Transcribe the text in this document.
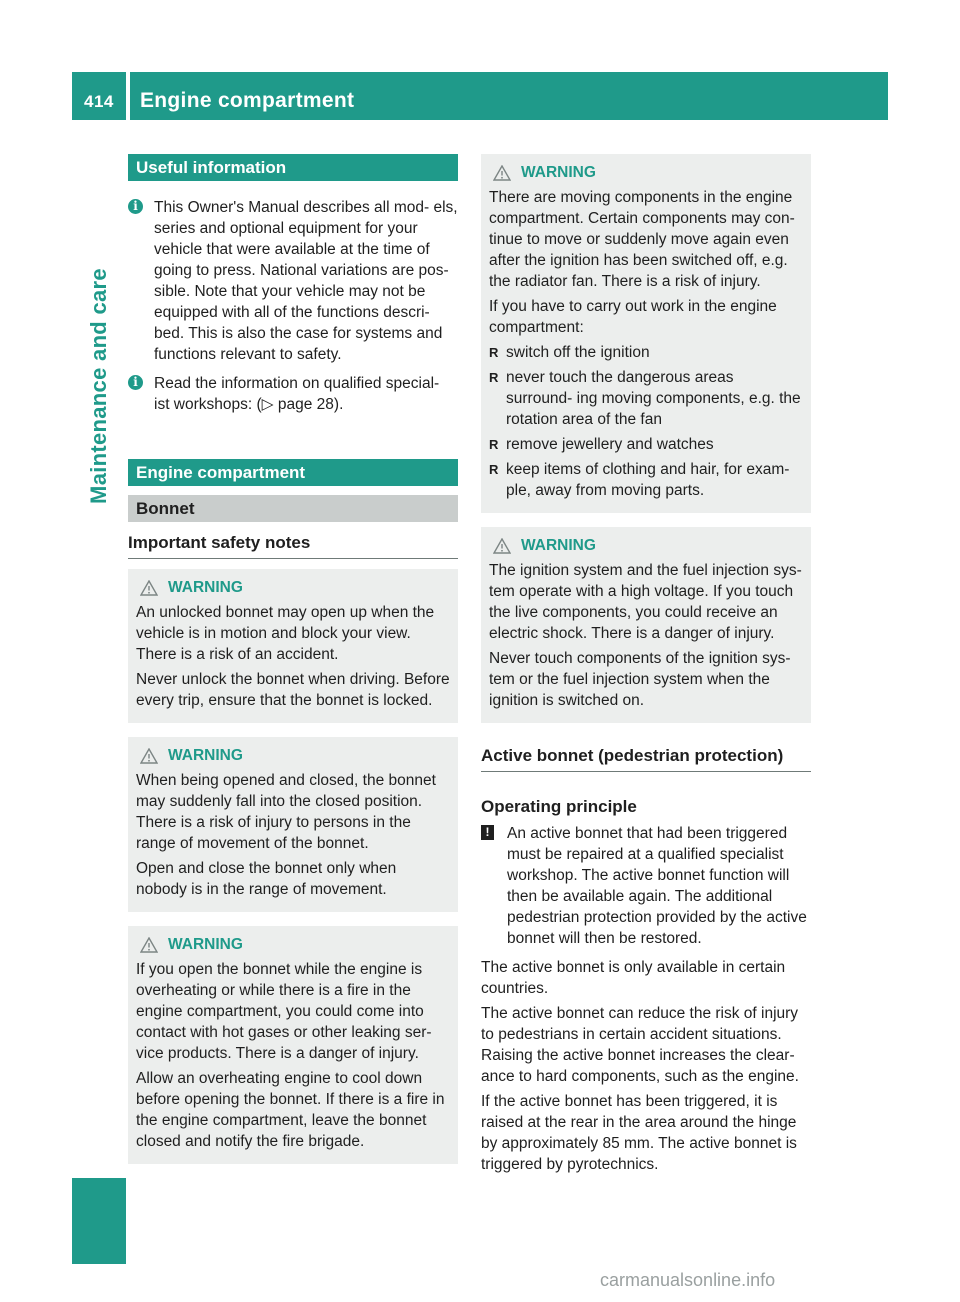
414 Engine compartment
Maintenance and care
Useful information
i	This Owner's Manual describes all mod- els, series and optional equipment for your vehicle that were available at the time of going to press. National variations are pos- sible. Note that your vehicle may not be equipped with all of the functions descri- bed. This is also the case for systems and functions relevant to safety.

i	Read the information on qualified special- ist workshops: (▷ page 28).

Engine compartment
Bonnet
Important safety notes
WARNING

An unlocked bonnet may open up when the vehicle is in motion and block your view. There is a risk of an accident.

Never unlock the bonnet when driving. Before every trip, ensure that the bonnet is locked.

WARNING

When being opened and closed, the bonnet may suddenly fall into the closed position. There is a risk of injury to persons in the range of movement of the bonnet.

Open and close the bonnet only when nobody is in the range of movement.

WARNING

If you open the bonnet while the engine is overheating or while there is a fire in the engine compartment, you could come into contact with hot gases or other leaking ser- vice products. There is a danger of injury.

Allow an overheating engine to cool down before opening the bonnet. If there is a fire in the engine compartment, leave the bonnet closed and notify the fire brigade.

WARNING

There are moving components in the engine compartment. Certain components may con- tinue to move or suddenly move again even after the ignition has been switched off, e.g. the radiator fan. There is a risk of injury.

If you have to carry out work in the engine compartment:

R switch off the ignition
R never touch the dangerous areas surround- ing moving components, e.g. the rotation area of the fan
R remove jewellery and watches
R keep items of clothing and hair, for exam- ple, away from moving parts.
WARNING

The ignition system and the fuel injection sys- tem operate with a high voltage. If you touch the live components, you could receive an electric shock. There is a danger of injury.

Never touch components of the ignition sys- tem or the fuel injection system when the ignition is switched on.

Active bonnet (pedestrian protection)
Operating principle
! An active bonnet that had been triggered must be repaired at a qualified specialist workshop. The active bonnet function will then be available again. The additional pedestrian protection provided by the active bonnet will then be restored.

The active bonnet is only available in certain countries.

The active bonnet can reduce the risk of injury to pedestrians in certain accident situations. Raising the active bonnet increases the clear- ance to hard components, such as the engine.

If the active bonnet has been triggered, it is raised at the rear in the area around the hinge by approximately 85 mm. The active bonnet is triggered by pyrotechnics.

carmanualsonline.info
